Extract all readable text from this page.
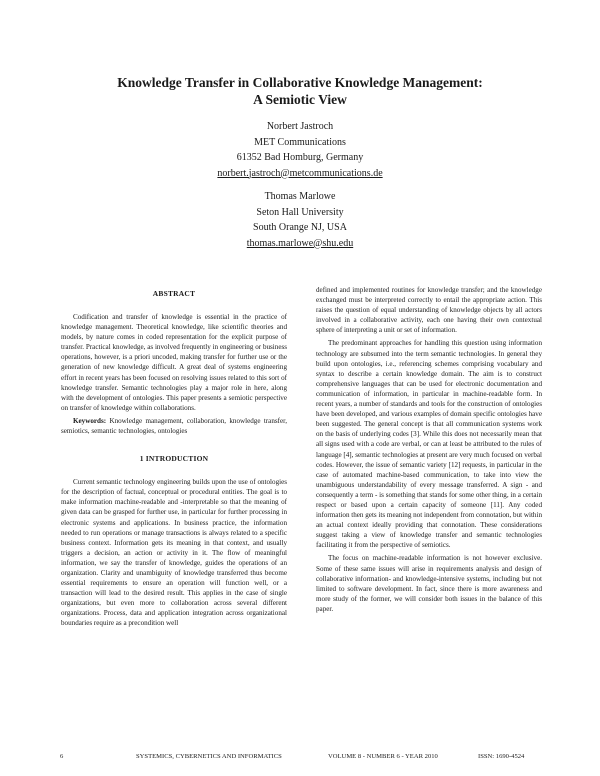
Knowledge Transfer in Collaborative Knowledge Management:
A Semiotic View
Norbert Jastroch
MET Communications
61352 Bad Homburg, Germany
norbert.jastroch@metcommunications.de
Thomas Marlowe
Seton Hall University
South Orange NJ, USA
thomas.marlowe@shu.edu
ABSTRACT

Codification and transfer of knowledge is essential in the practice of knowledge management. Theoretical knowledge, like scientific theories and models, by nature comes in coded representation for the explicit purpose of transfer. Practical knowledge, as involved frequently in engineering or business operations, however, is a priori uncoded, making transfer for further use or the generation of new knowledge difficult. A great deal of systems engineering effort in recent years has been focused on resolving issues related to this sort of knowledge transfer. Semantic technologies play a major role in here, along with the development of ontologies. This paper presents a semiotic perspective on transfer of knowledge within collaborations.

Keywords: Knowledge management, collaboration, knowledge transfer, semiotics, semantic technologies, ontologies

1 INTRODUCTION

Current semantic technology engineering builds upon the use of ontologies for the description of factual, conceptual or procedural entities. The goal is to make information machine-readable and -interpretable so that the meaning of given data can be grasped for further use, in particular for further processing in electronic systems and applications. In business practice, the information needed to run operations or manage transactions is always related to a specific business context. Information gets its meaning in that context, and usually triggers a decision, an action or activity in it. The flow of meaningful information, we say the transfer of knowledge, guides the operations of an organization. Clarity and unambiguity of knowledge transferred thus become essential requirements to ensure an operation will function well, or a transaction will lead to the desired result. This applies in the case of single organizations, but even more to collaboration across several different organizations. Process, data and application integration across organizational boundaries require as a precondition well

defined and implemented routines for knowledge transfer; and the knowledge exchanged must be interpreted correctly to entail the appropriate action. This raises the question of equal understanding of knowledge objects by all actors involved in a collaborative activity, each one having their own contextual sphere of interpreting a unit or set of information.

The predominant approaches for handling this question using information technology are subsumed into the term semantic technologies. In general they build upon ontologies, i.e., referencing schemes comprising vocabulary and syntax to describe a certain knowledge domain. The aim is to construct comprehensive languages that can be used for electronic documentation and communication of information, in particular in machine-readable form. In recent years, a number of standards and tools for the construction of ontologies have been developed, and various examples of domain specific ontologies have been suggested. The general concept is that all communication systems work on the basis of underlying codes [3]. While this does not necessarily mean that all signs used with a code are verbal, or can at least be attributed to the rules of language [4], semantic technologies at present are very much focused on verbal codes. However, the issue of semantic variety [12] requests, in particular in the case of automated machine-based communication, to take into view the unambiguous understandability of every message transferred. A sign - and consequently a term - is something that stands for some other thing, in a certain respect or based upon a certain capacity of someone [11]. Any coded information then gets its meaning not independent from connotation, but within an actual context ideally providing that connotation. These considerations suggest taking a view of knowledge transfer and semantic technologies facilitating it from the perspective of semiotics.

The focus on machine-readable information is not however exclusive. Some of these same issues will arise in requirements analysis and design of collaborative information- and knowledge-intensive systems, including but not limited to software development. In fact, since there is more awareness and more study of the former, we will consider both issues in the balance of this paper.

6	SYSTEMICS, CYBERNETICS AND INFORMATICS	VOLUME 8 - NUMBER 6 - YEAR 2010	ISSN: 1690-4524
